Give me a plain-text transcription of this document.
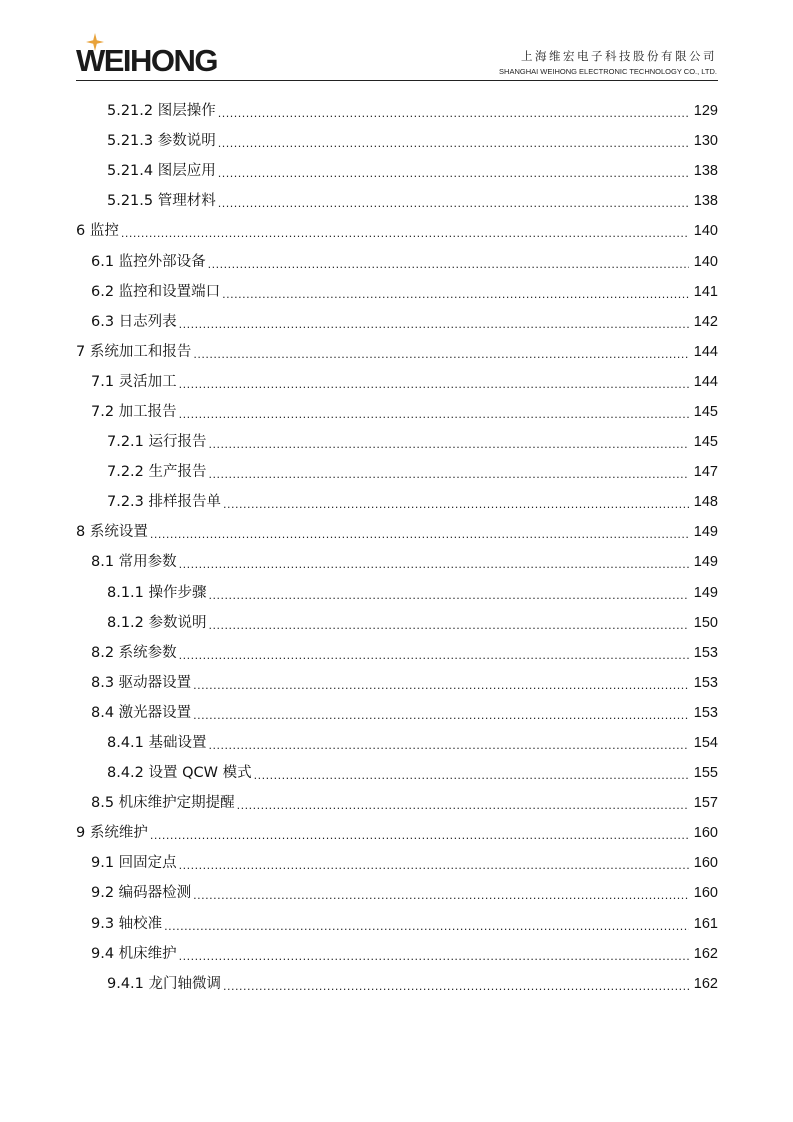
WEIHONG	上海维宏电子科技股份有限公司
SHANGHAI WEIHONG ELECTRONIC TECHNOLOGY CO., LTD.
5.21.2 图层操作 .....	129
5.21.3 参数说明 .....	130
5.21.4 图层应用 .....	138
5.21.5 管理材料 .....	138
6 监控 .....	140
6.1 监控外部设备 .....	140
6.2 监控和设置端口 .....	141
6.3 日志列表 .....	142
7 系统加工和报告 .....	144
7.1 灵活加工 .....	144
7.2 加工报告 .....	145
7.2.1 运行报告 .....	145
7.2.2 生产报告 .....	147
7.2.3 排样报告单 .....	148
8 系统设置 .....	149
8.1 常用参数 .....	149
8.1.1 操作步骤 .....	149
8.1.2 参数说明 .....	150
8.2 系统参数 .....	153
8.3 驱动器设置 .....	153
8.4 激光器设置 .....	153
8.4.1 基础设置 .....	154
8.4.2 设置 QCW 模式 .....	155
8.5 机床维护定期提醒 .....	157
9 系统维护 .....	160
9.1 回固定点 .....	160
9.2 编码器检测 .....	160
9.3 轴校准 .....	161
9.4 机床维护 .....	162
9.4.1 龙门轴微调 .....	162
